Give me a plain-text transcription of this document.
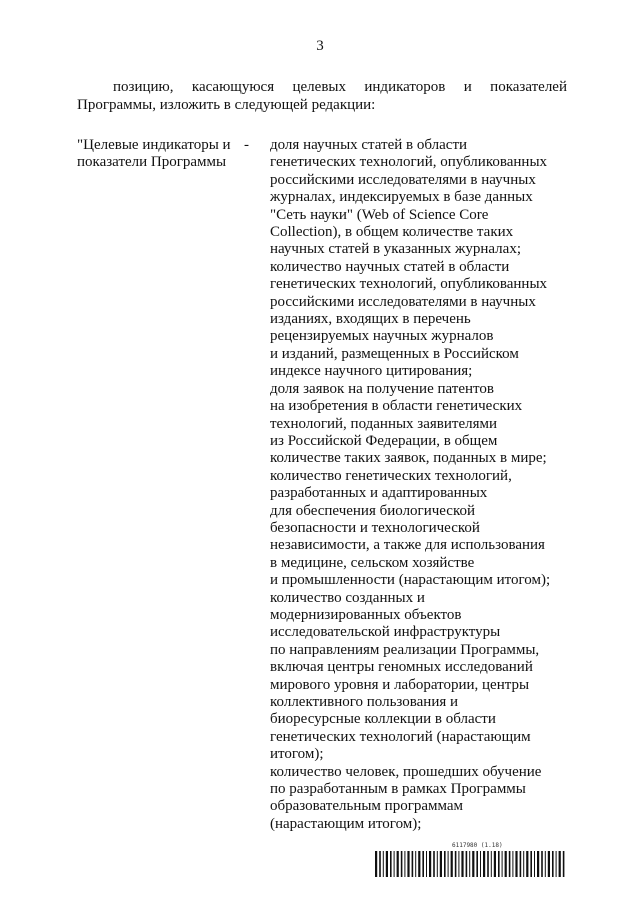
3
позицию, касающуюся целевых индикаторов и показателей
Программы, изложить в следующей редакции:
"Целевые индикаторы и
показатели Программы
- доля научных статей в области
генетических технологий, опубликованных
российскими исследователями в научных
журналах, индексируемых в базе данных
"Сеть науки" (Web of Science Core
Collection), в общем количестве таких
научных статей в указанных журналах;
количество научных статей в области
генетических технологий, опубликованных
российскими исследователями в научных
изданиях, входящих в перечень
рецензируемых научных журналов
и изданий, размещенных в Российском
индексе научного цитирования;
доля заявок на получение патентов
на изобретения в области генетических
технологий, поданных заявителями
из Российской Федерации, в общем
количестве таких заявок, поданных в мире;
количество генетических технологий,
разработанных и адаптированных
для обеспечения биологической
безопасности и технологической
независимости, а также для использования
в медицине, сельском хозяйстве
и промышленности (нарастающим итогом);
количество созданных и
модернизированных объектов
исследовательской инфраструктуры
по направлениям реализации Программы,
включая центры геномных исследований
мирового уровня и лаборатории, центры
коллективного пользования и
биоресурсные коллекции в области
генетических технологий (нарастающим
итогом);
количество человек, прошедших обучение
по разработанным в рамках Программы
образовательным программам
(нарастающим итогом);
6117980 (1.18)
